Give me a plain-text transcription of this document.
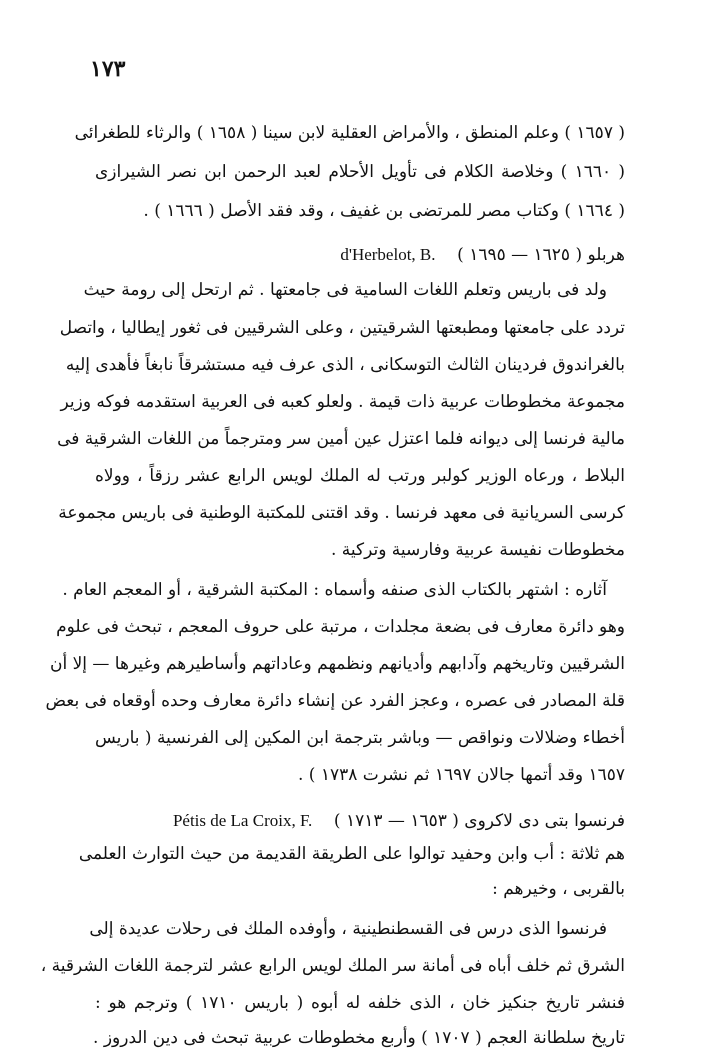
١٧٣
( ١٦٥٧ ) وعلم المنطق ، والأمراض العقلية لابن سينا ( ١٦٥٨ ) والرثاء للطغرائى
( ١٦٦٠ ) وخلاصة الكلام فى تأويل الأحلام لعبد الرحمن ابن نصر الشيرازى
( ١٦٦٤ ) وكتاب مصر للمرتضى بن غفيف ، وقد فقد الأصل ( ١٦٦٦ ) .
هربلو ( ١٦٢٥ — ١٦٩٥ )    d'Herbelot, B.
ولد فى باريس وتعلم اللغات السامية فى جامعتها . ثم ارتحل إلى رومة حيث
تردد على جامعتها ومطبعتها الشرقيتين ، وعلى الشرقيين فى ثغور إيطاليا ، واتصل
بالغراندوق فردينان الثالث التوسكانى ، الذى عرف فيه مستشرقاً نابغاً فأهدى إليه
مجموعة مخطوطات عربية ذات قيمة . ولعلو كعبه فى العربية استقدمه فوكه وزير
مالية فرنسا إلى ديوانه فلما اعتزل عين أمين سر ومترجماً من اللغات الشرقية فى
البلاط ، ورعاه الوزير كولبر ورتب له الملك لويس الرابع عشر رزقاً ، وولاه
كرسى السريانية فى معهد فرنسا . وقد اقتنى للمكتبة الوطنية فى باريس مجموعة
مخطوطات نفيسة عربية وفارسية وتركية .
آثاره : اشتهر بالكتاب الذى صنفه وأسماه : المكتبة الشرقية ، أو المعجم العام .
وهو دائرة معارف فى بضعة مجلدات ، مرتبة على حروف المعجم ، تبحث فى علوم
الشرقيين وتاريخهم وآدابهم وأديانهم ونظمهم وعاداتهم وأساطيرهم وغيرها — إلا أن
قلة المصادر فى عصره ، وعجز الفرد عن إنشاء دائرة معارف وحده أوقعاه فى بعض
أخطاء وضلالات ونواقص — وباشر بترجمة ابن المكين إلى الفرنسية ( باريس
١٦٥٧ وقد أتمها جالان ١٦٩٧ ثم نشرت ١٧٣٨ ) .
فرنسوا بتى دى لاكروى ( ١٦٥٣ — ١٧١٣ )    Pétis de La Croix, F.
هم ثلاثة : أب وابن وحفيد توالوا على الطريقة القديمة من حيث التوارث العلمى
بالقربى ، وخيرهم :
فرنسوا الذى درس فى القسطنطينية ، وأوفده الملك فى رحلات عديدة إلى
الشرق ثم خلف أباه فى أمانة سر الملك لويس الرابع عشر لترجمة اللغات الشرقية ،
فنشر تاريخ جنكيز خان ، الذى خلفه له أبوه ( باريس ١٧١٠ ) وترجم هو :
تاريخ سلطانة العجم ( ١٧٠٧ ) وأربع مخطوطات عربية تبحث فى دين الدروز .
